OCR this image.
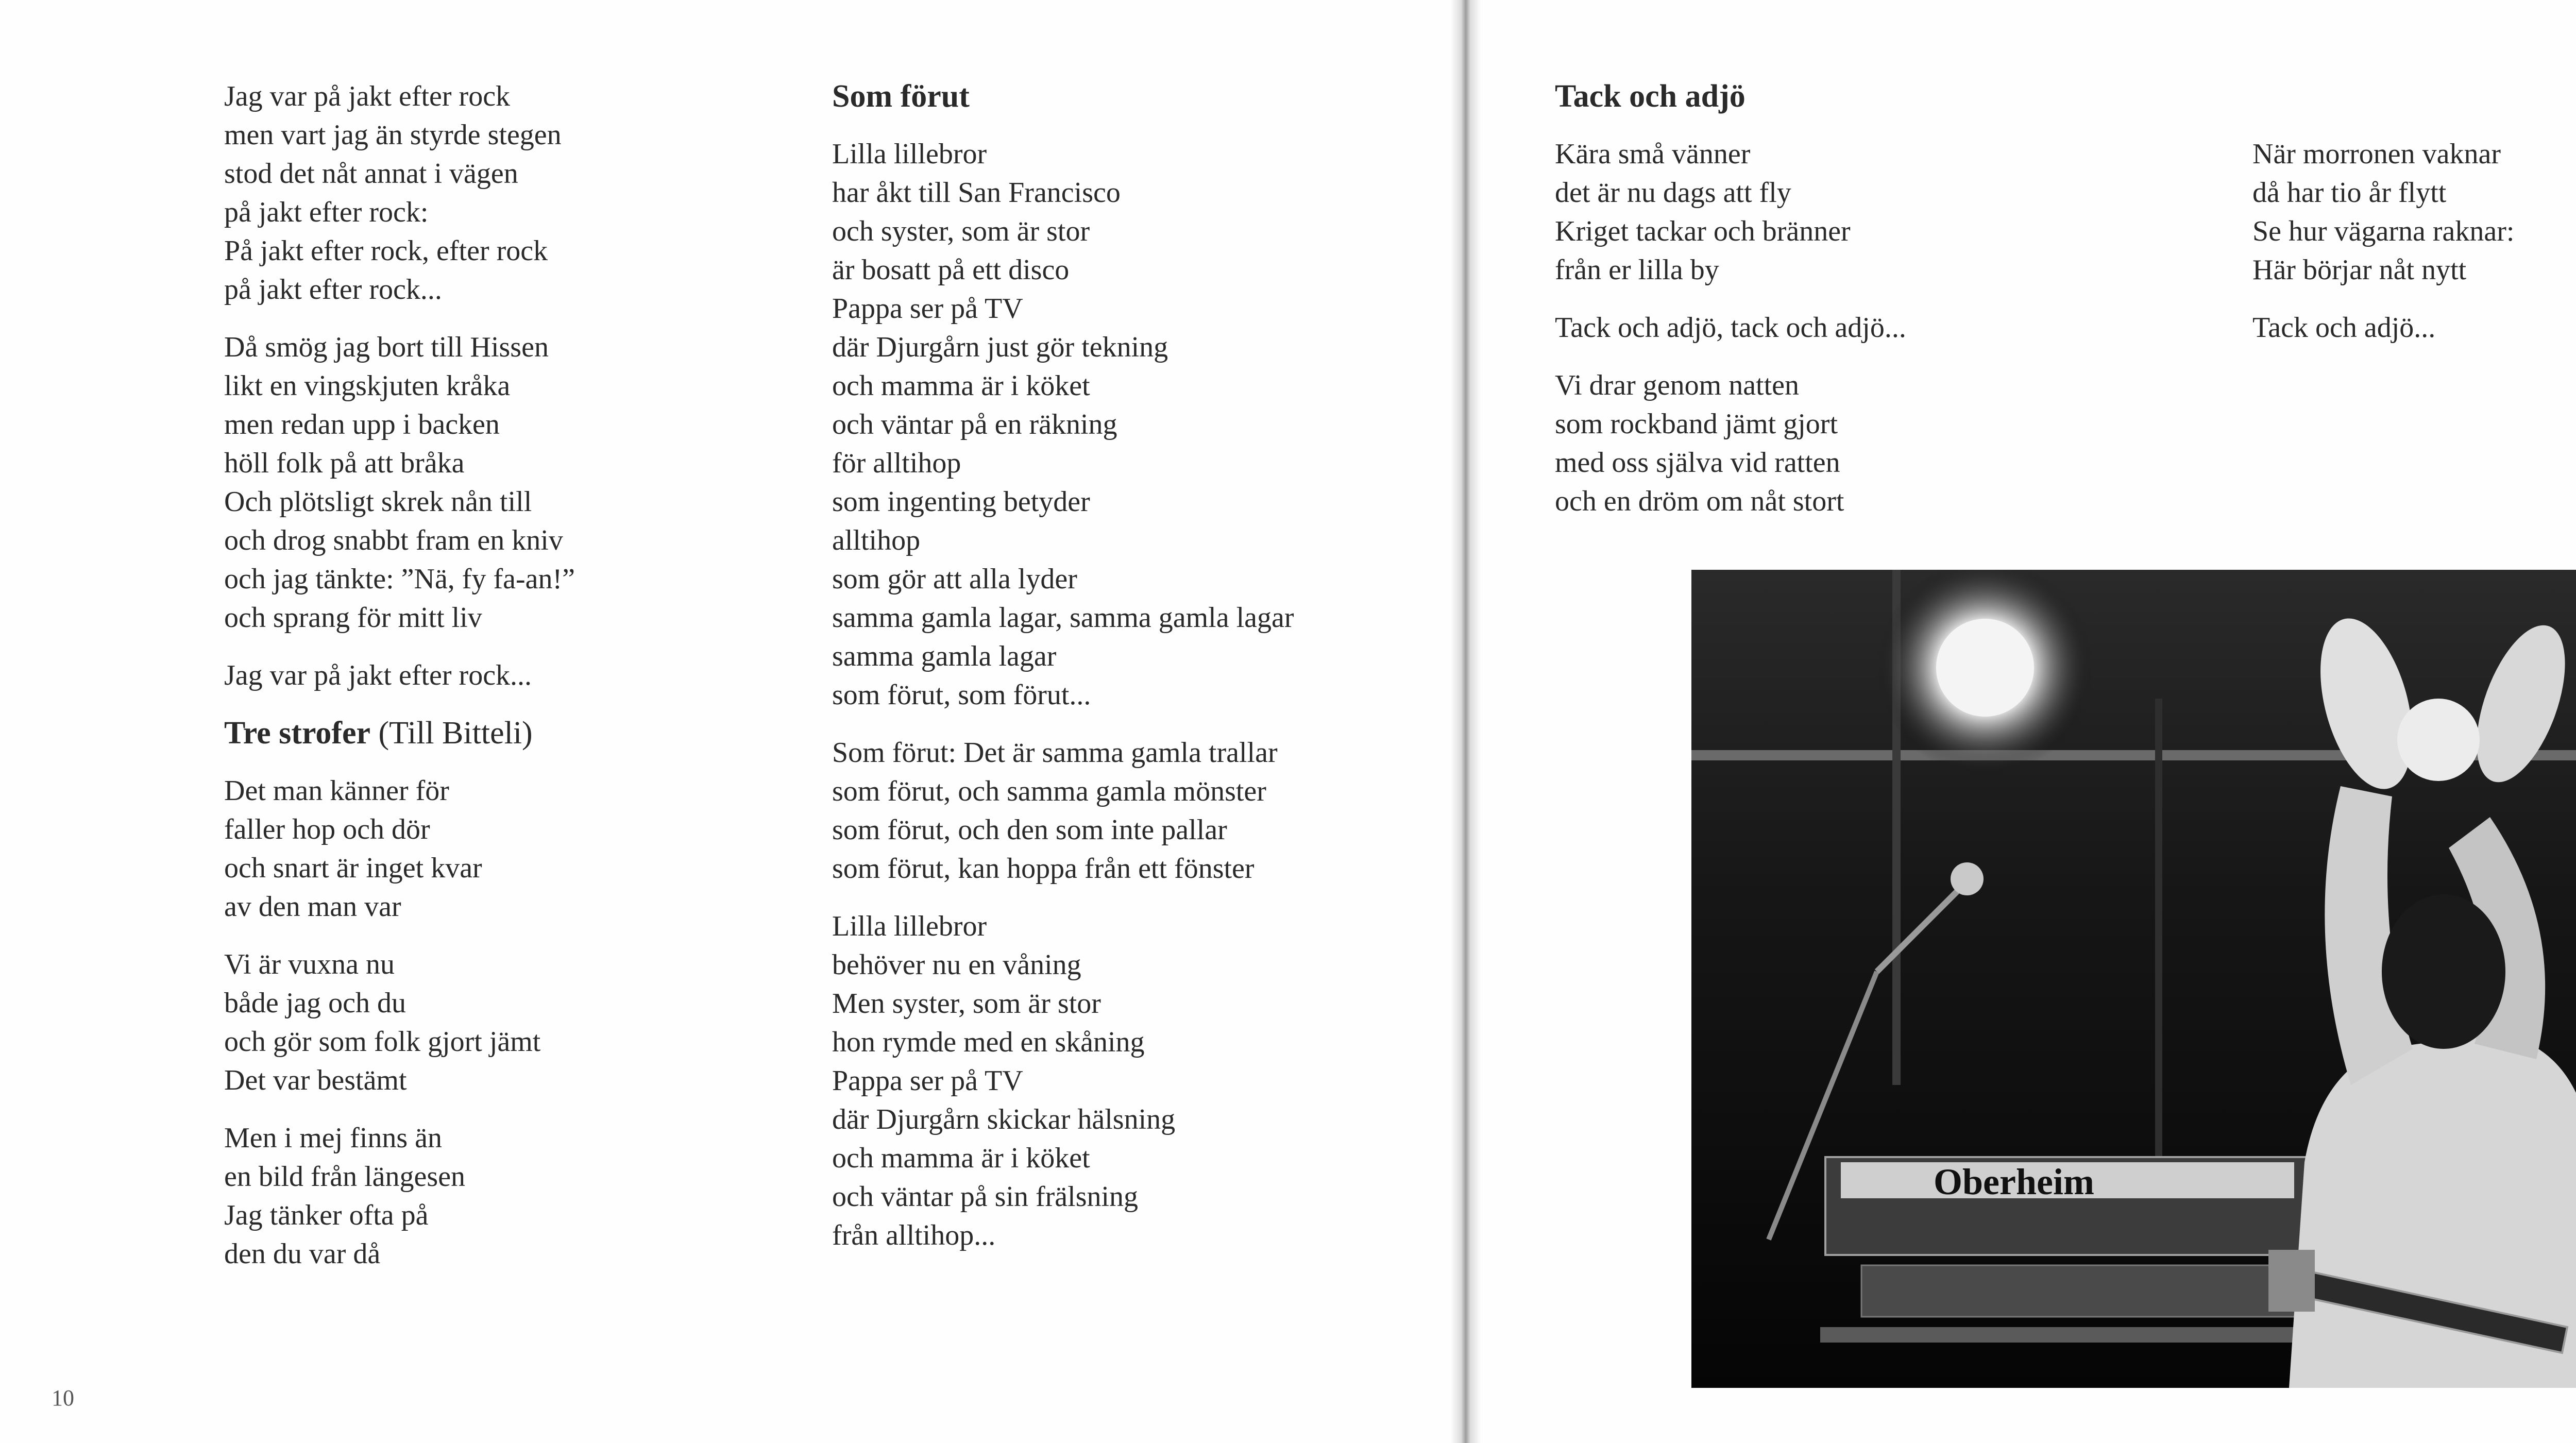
Jag var på jakt efter rock
men vart jag än styrde stegen
stod det nåt annat i vägen
på jakt efter rock:
På jakt efter rock, efter rock
på jakt efter rock...
Då smög jag bort till Hissen
likt en vingskjuten kråka
men redan upp i backen
höll folk på att bråka
Och plötsligt skrek nån till
och drog snabbt fram en kniv
och jag tänkte: ”Nä, fy fa-an!”
och sprang för mitt liv
Jag var på jakt efter rock...
Tre strofer (Till Bitteli)
Det man känner för
faller hop och dör
och snart är inget kvar
av den man var
Vi är vuxna nu
både jag och du
och gör som folk gjort jämt
Det var bestämt
Men i mej finns än
en bild från längesen
Jag tänker ofta på
den du var då
Som förut
Lilla lillebror
har åkt till San Francisco
och syster, som är stor
är bosatt på ett disco
Pappa ser på TV
där Djurgårn just gör tekning
och mamma är i köket
och väntar på en räkning
för alltihop
som ingenting betyder
alltihop
som gör att alla lyder
samma gamla lagar, samma gamla lagar
samma gamla lagar
som förut, som förut...
Som förut: Det är samma gamla trallar
som förut, och samma gamla mönster
som förut, och den som inte pallar
som förut, kan hoppa från ett fönster
Lilla lillebror
behöver nu en våning
Men syster, som är stor
hon rymde med en skåning
Pappa ser på TV
där Djurgårn skickar hälsning
och mamma är i köket
och väntar på sin frälsning
från alltihop...
Tack och adjö
Kära små vänner
det är nu dags att fly
Kriget tackar och bränner
från er lilla by
Tack och adjö, tack och adjö...
Vi drar genom natten
som rockband jämt gjort
med oss själva vid ratten
och en dröm om nåt stort
När morronen vaknar
då har tio år flytt
Se hur vägarna raknar:
Här börjar nåt nytt
Tack och adjö...
10
Oberheim
